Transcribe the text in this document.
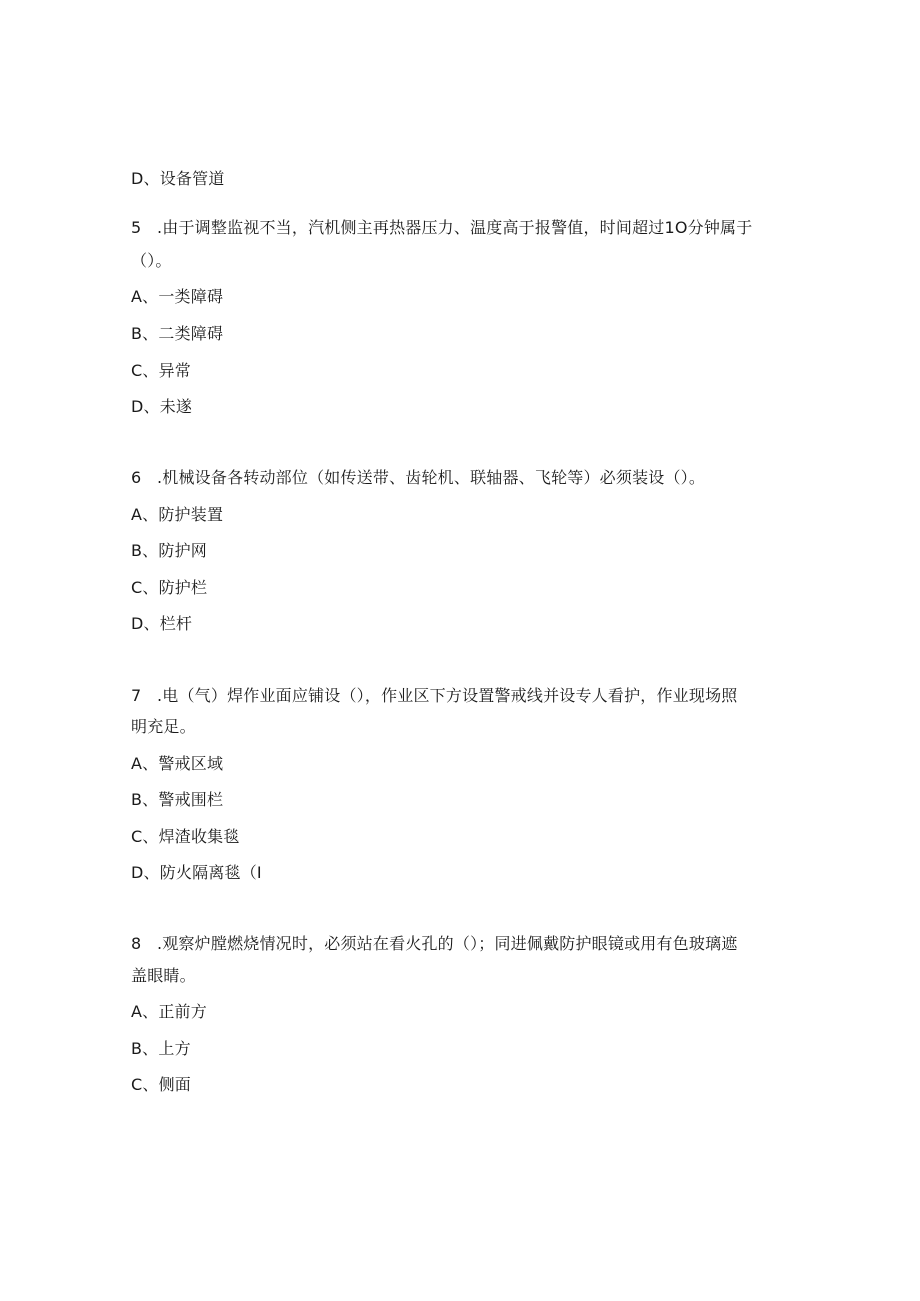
D、设备管道
5 .由于调整监视不当，汽机侧主再热器压力、温度高于报警值，时间超过1O分钟属于
（）。
A、一类障碍
B、二类障碍
C、异常
D、未遂
6 .机械设备各转动部位（如传送带、齿轮机、联轴器、飞轮等）必须装设（）。
A、防护装置
B、防护网
C、防护栏
D、栏杆
7 .电（气）焊作业面应铺设（），作业区下方设置警戒线并设专人看护，作业现场照
明充足。
A、警戒区域
B、警戒围栏
C、焊渣收集毯
D、防火隔离毯（I
8 .观察炉膛燃烧情况时，必须站在看火孔的（）；同进佩戴防护眼镜或用有色玻璃遮
盖眼睛。
A、正前方
B、上方
C、侧面
